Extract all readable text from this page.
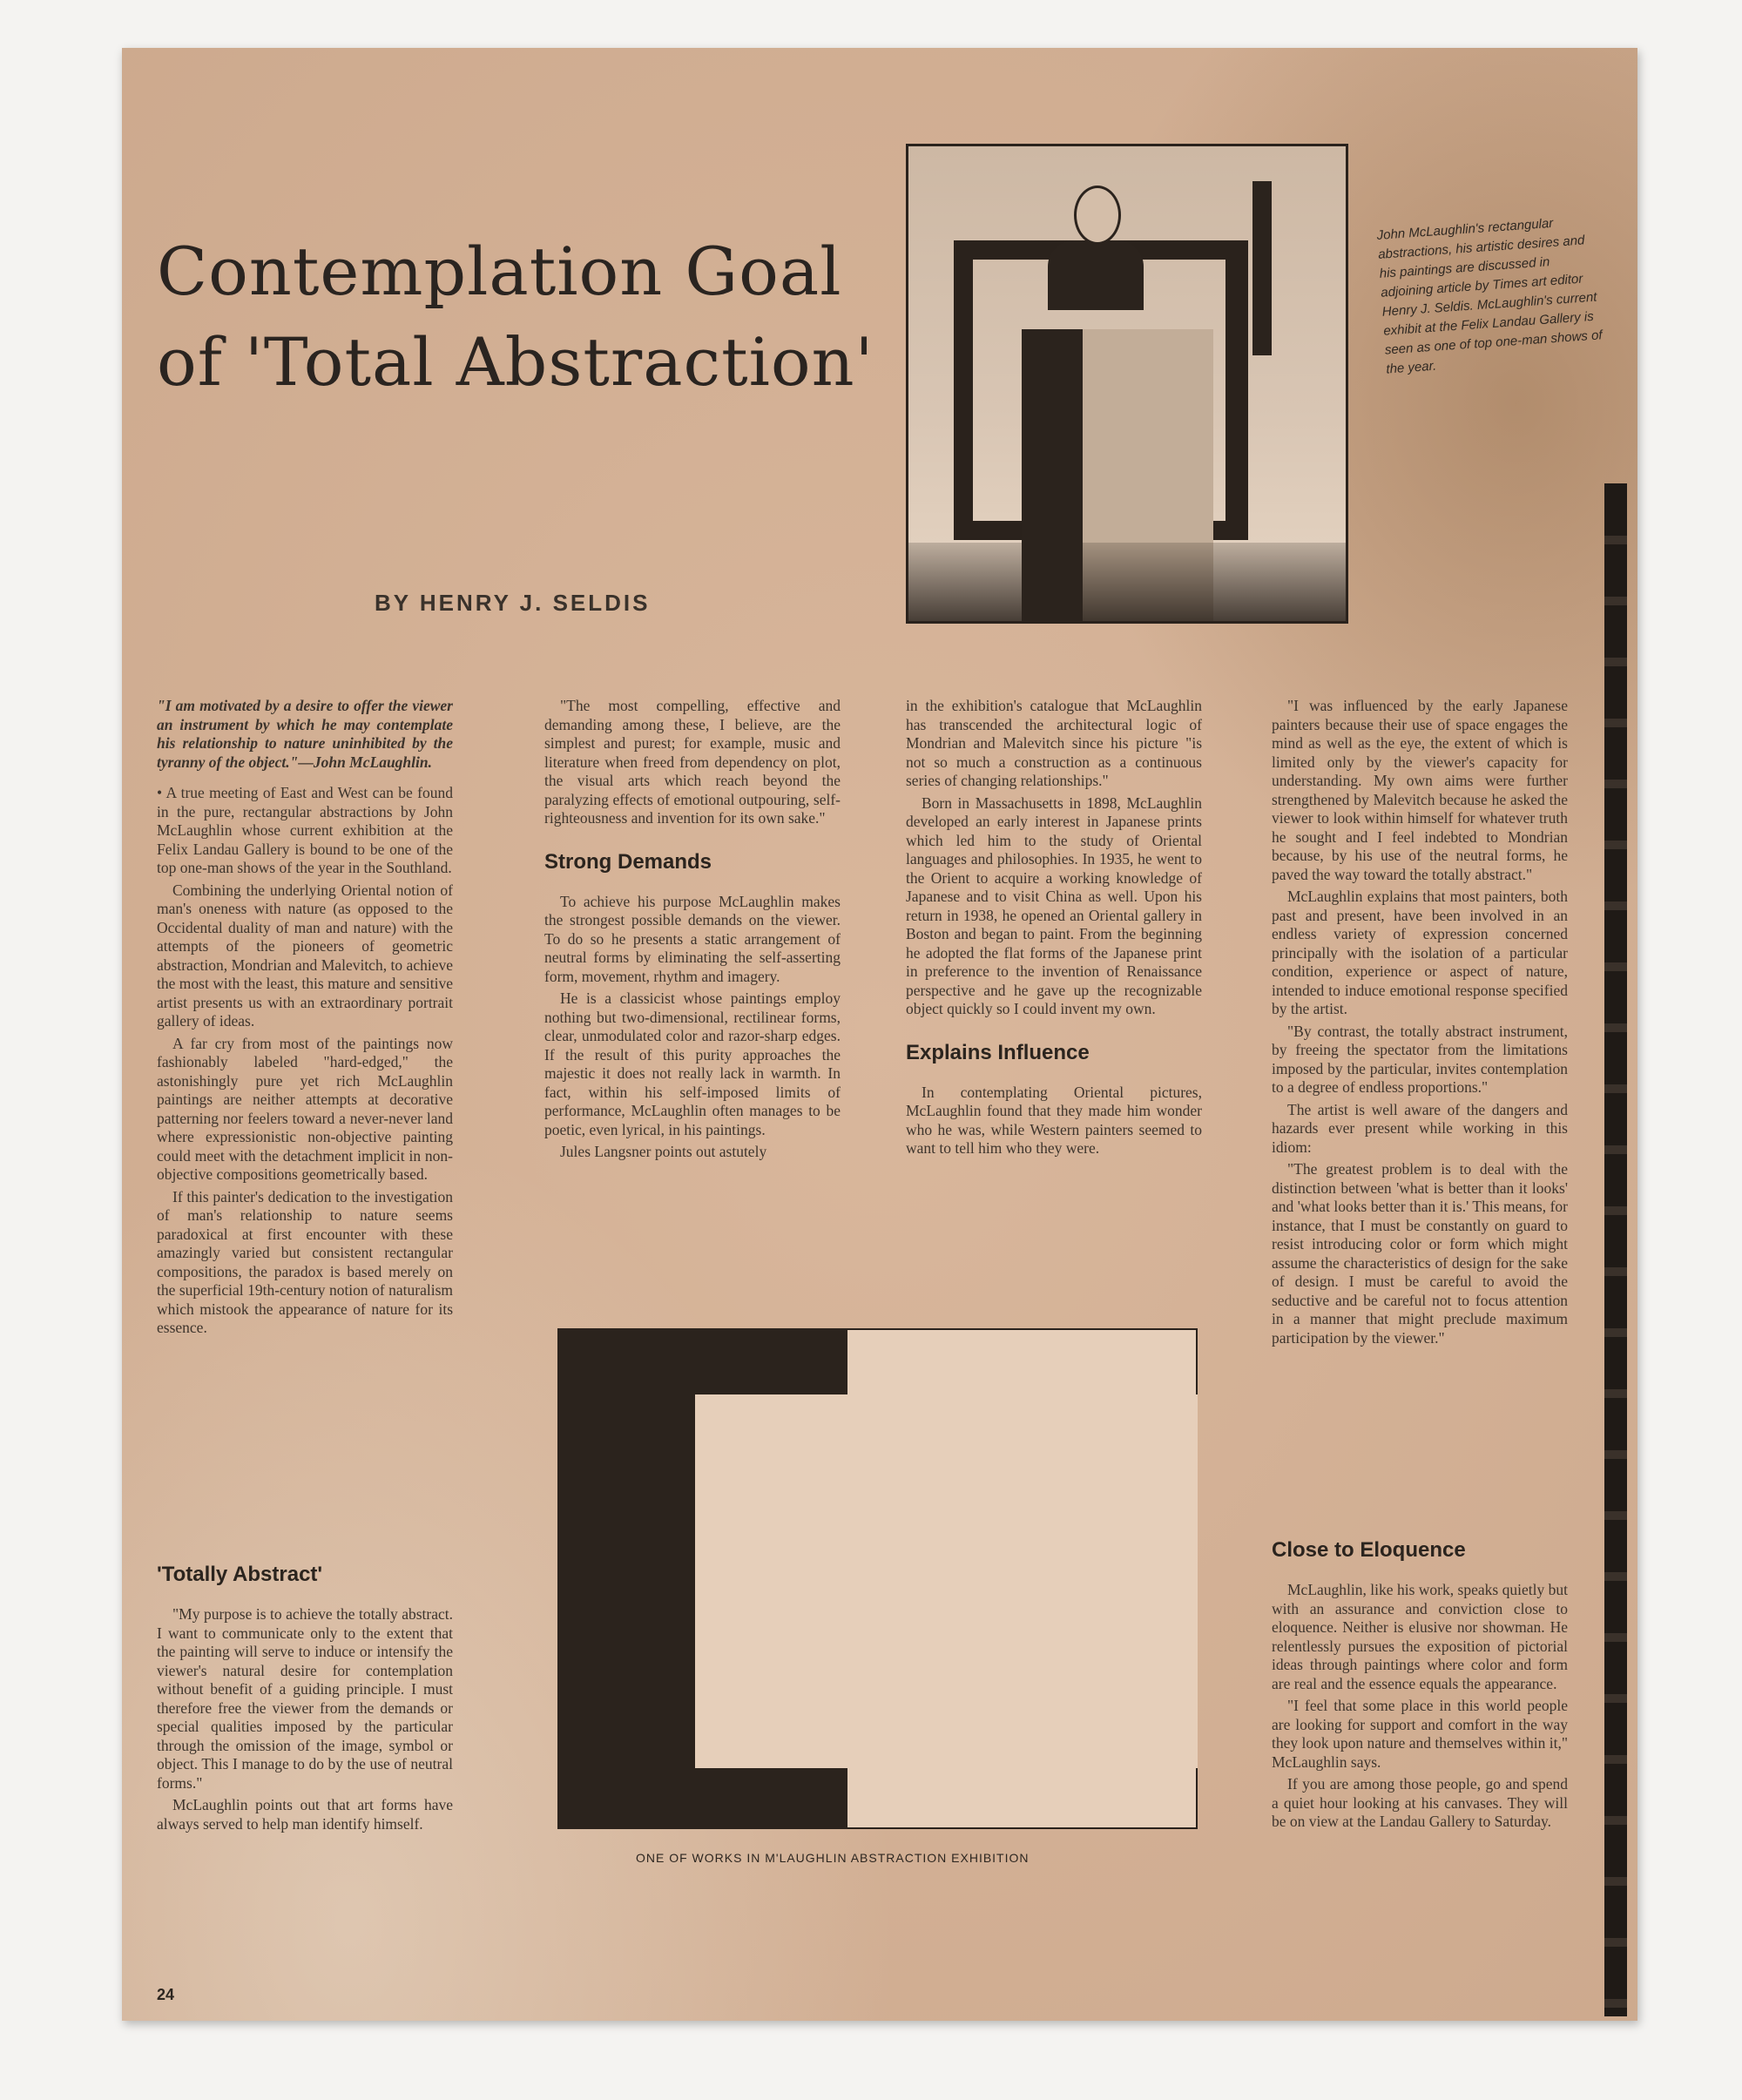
Contemplation Goal
of 'Total Abstraction'
BY HENRY J. SELDIS
John McLaughlin's rectangular abstractions, his artistic desires and his paintings are discussed in adjoining article by Times art editor Henry J. Seldis. McLaughlin's current exhibit at the Felix Landau Gallery is seen as one of top one-man shows of the year.

"I am motivated by a desire to offer the viewer an instrument by which he may contemplate his relationship to nature uninhibited by the tyranny of the object."—John McLaughlin.

• A true meeting of East and West can be found in the pure, rectangular abstractions by John McLaughlin whose current exhibition at the Felix Landau Gallery is bound to be one of the top one-man shows of the year in the Southland.

Combining the underlying Oriental notion of man's oneness with nature (as opposed to the Occidental duality of man and nature) with the attempts of the pioneers of geometric abstraction, Mondrian and Malevitch, to achieve the most with the least, this mature and sensitive artist presents us with an extraordinary portrait gallery of ideas.

A far cry from most of the paintings now fashionably labeled "hard-edged," the astonishingly pure yet rich McLaughlin paintings are neither attempts at decorative patterning nor feelers toward a never-never land where expressionistic non-objective painting could meet with the detachment implicit in non-objective compositions geometrically based.

If this painter's dedication to the investigation of man's relationship to nature seems paradoxical at first encounter with these amazingly varied but consistent rectangular compositions, the paradox is based merely on the superficial 19th-century notion of naturalism which mistook the appearance of nature for its essence.

'Totally Abstract'

"My purpose is to achieve the totally abstract. I want to communicate only to the extent that the painting will serve to induce or intensify the viewer's natural desire for contemplation without benefit of a guiding principle. I must therefore free the viewer from the demands or special qualities imposed by the particular through the omission of the image, symbol or object. This I manage to do by the use of neutral forms."

McLaughlin points out that art forms have always served to help man identify himself.

"The most compelling, effective and demanding among these, I believe, are the simplest and purest; for example, music and literature when freed from dependency on plot, the visual arts which reach beyond the paralyzing effects of emotional outpouring, self-righteousness and invention for its own sake."

Strong Demands

To achieve his purpose McLaughlin makes the strongest possible demands on the viewer. To do so he presents a static arrangement of neutral forms by eliminating the self-asserting form, movement, rhythm and imagery.

He is a classicist whose paintings employ nothing but two-dimensional, rectilinear forms, clear, unmodulated color and razor-sharp edges. If the result of this purity approaches the majestic it does not really lack in warmth. In fact, within his self-imposed limits of performance, McLaughlin often manages to be poetic, even lyrical, in his paintings.

Jules Langsner points out astutely

in the exhibition's catalogue that McLaughlin has transcended the architectural logic of Mondrian and Malevitch since his picture "is not so much a construction as a continuous series of changing relationships."

Born in Massachusetts in 1898, McLaughlin developed an early interest in Japanese prints which led him to the study of Oriental languages and philosophies. In 1935, he went to the Orient to acquire a working knowledge of Japanese and to visit China as well. Upon his return in 1938, he opened an Oriental gallery in Boston and began to paint. From the beginning he adopted the flat forms of the Japanese print in preference to the invention of Renaissance perspective and he gave up the recognizable object quickly so I could invent my own.

Explains Influence

In contemplating Oriental pictures, McLaughlin found that they made him wonder who he was, while Western painters seemed to want to tell him who they were.

"I was influenced by the early Japanese painters because their use of space engages the mind as well as the eye, the extent of which is limited only by the viewer's capacity for understanding. My own aims were further strengthened by Malevitch because he asked the viewer to look within himself for whatever truth he sought and I feel indebted to Mondrian because, by his use of the neutral forms, he paved the way toward the totally abstract."

McLaughlin explains that most painters, both past and present, have been involved in an endless variety of expression concerned principally with the isolation of a particular condition, experience or aspect of nature, intended to induce emotional response specified by the artist.

"By contrast, the totally abstract instrument, by freeing the spectator from the limitations imposed by the particular, invites contemplation to a degree of endless proportions."

The artist is well aware of the dangers and hazards ever present while working in this idiom:

"The greatest problem is to deal with the distinction between 'what is better than it looks' and 'what looks better than it is.' This means, for instance, that I must be constantly on guard to resist introducing color or form which might assume the characteristics of design for the sake of design. I must be careful to avoid the seductive and be careful not to focus attention in a manner that might preclude maximum participation by the viewer."

Close to Eloquence

McLaughlin, like his work, speaks quietly but with an assurance and conviction close to eloquence. Neither is elusive nor showman. He relentlessly pursues the exposition of pictorial ideas through paintings where color and form are real and the essence equals the appearance.

"I feel that some place in this world people are looking for support and comfort in the way they look upon nature and themselves within it," McLaughlin says.

If you are among those people, go and spend a quiet hour looking at his canvases. They will be on view at the Landau Gallery to Saturday.

ONE OF WORKS IN M'LAUGHLIN ABSTRACTION EXHIBITION
24
